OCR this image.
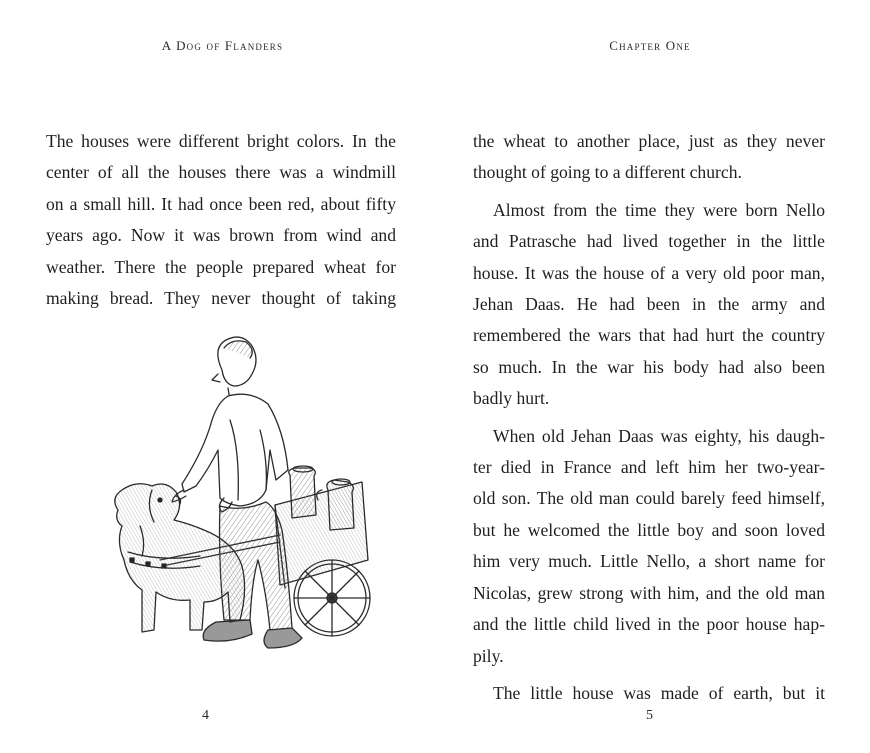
A Dog of Flanders
The houses were different bright colors. In the
center of all the houses there was a windmill
on a small hill. It had once been red, about fifty
years ago. Now it was brown from wind and
weather. There the people prepared wheat for
making bread. They never thought of taking
4
Chapter One
the wheat to another place, just as they never
thought of going to a different church.
Almost from the time they were born Nello
and Patrasche had lived together in the little
house. It was the house of a very old poor man,
Jehan Daas. He had been in the army and
remembered the wars that had hurt the country
so much. In the war his body had also been
badly hurt.
When old Jehan Daas was eighty, his daugh-
ter died in France and left him her two-year-
old son. The old man could barely feed himself,
but he welcomed the little boy and soon loved
him very much. Little Nello, a short name for
Nicolas, grew strong with him, and the old man
and the little child lived in the poor house hap-
pily.
The little house was made of earth, but it
5
